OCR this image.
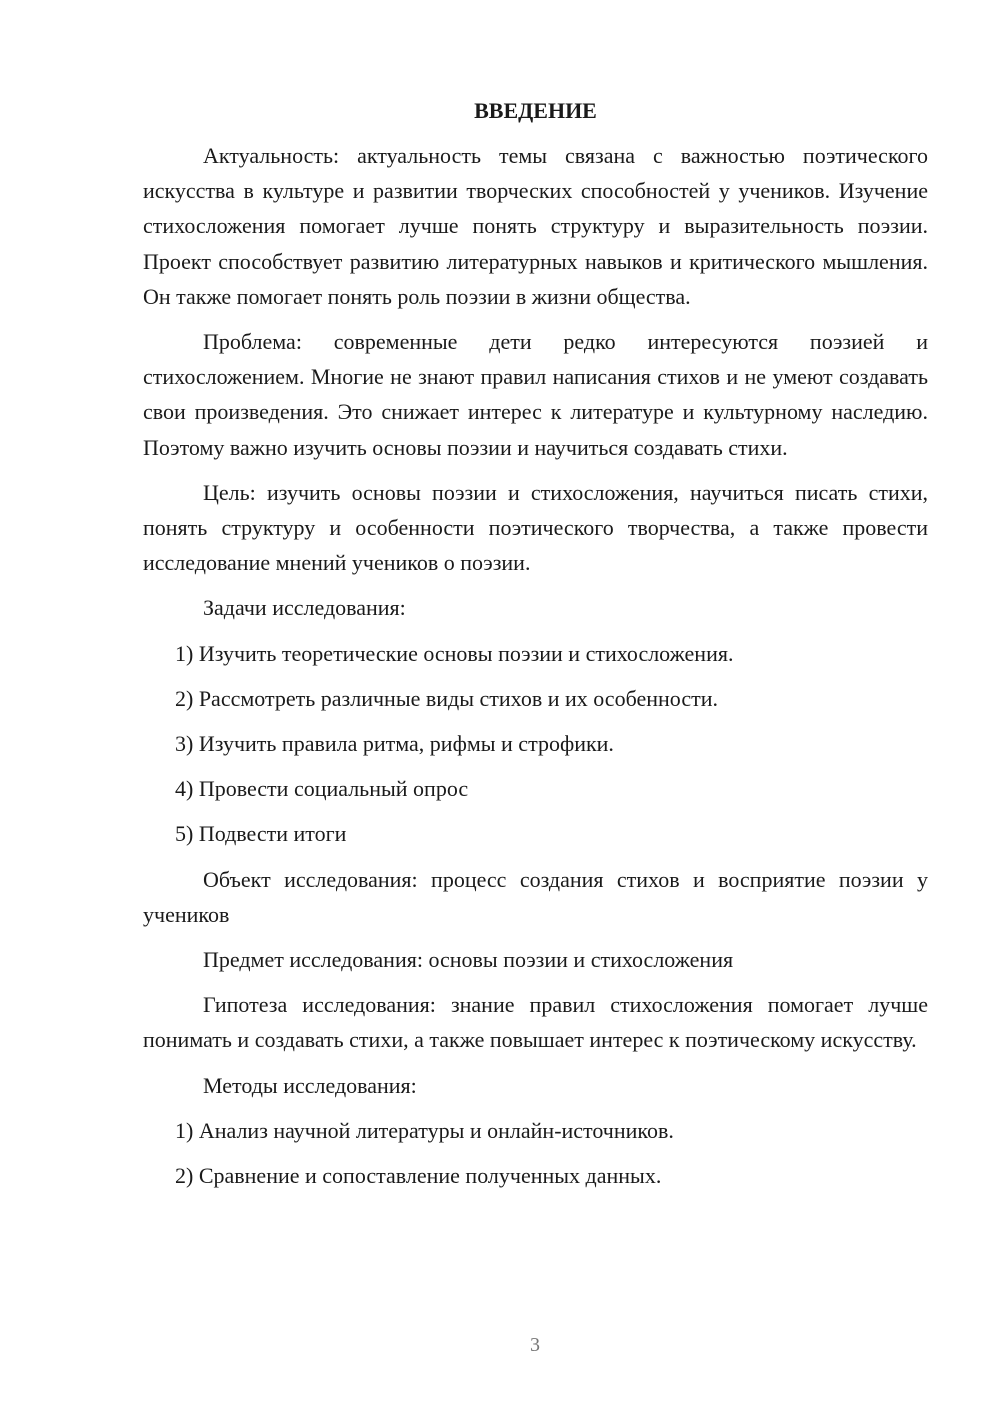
ВВЕДЕНИЕ
Актуальность: актуальность темы связана с важностью поэтического искусства в культуре и развитии творческих способностей у учеников. Изучение стихосложения помогает лучше понять структуру и выразительность поэзии. Проект способствует развитию литературных навыков и критического мышления. Он также помогает понять роль поэзии в жизни общества.
Проблема: современные дети редко интересуются поэзией и стихосложением. Многие не знают правил написания стихов и не умеют создавать свои произведения. Это снижает интерес к литературе и культурному наследию. Поэтому важно изучить основы поэзии и научиться создавать стихи.
Цель: изучить основы поэзии и стихосложения, научиться писать стихи, понять структуру и особенности поэтического творчества, а также провести исследование мнений учеников о поэзии.
Задачи исследования:
1) Изучить теоретические основы поэзии и стихосложения.
2) Рассмотреть различные виды стихов и их особенности.
3) Изучить правила ритма, рифмы и строфики.
4) Провести социальный опрос
5) Подвести итоги
Объект исследования: процесс создания стихов и восприятие поэзии у учеников
Предмет исследования: основы поэзии и стихосложения
Гипотеза исследования: знание правил стихосложения помогает лучше понимать и создавать стихи, а также повышает интерес к поэтическому искусству.
Методы исследования:
1) Анализ научной литературы и онлайн-источников.
2) Сравнение и сопоставление полученных данных.
3
